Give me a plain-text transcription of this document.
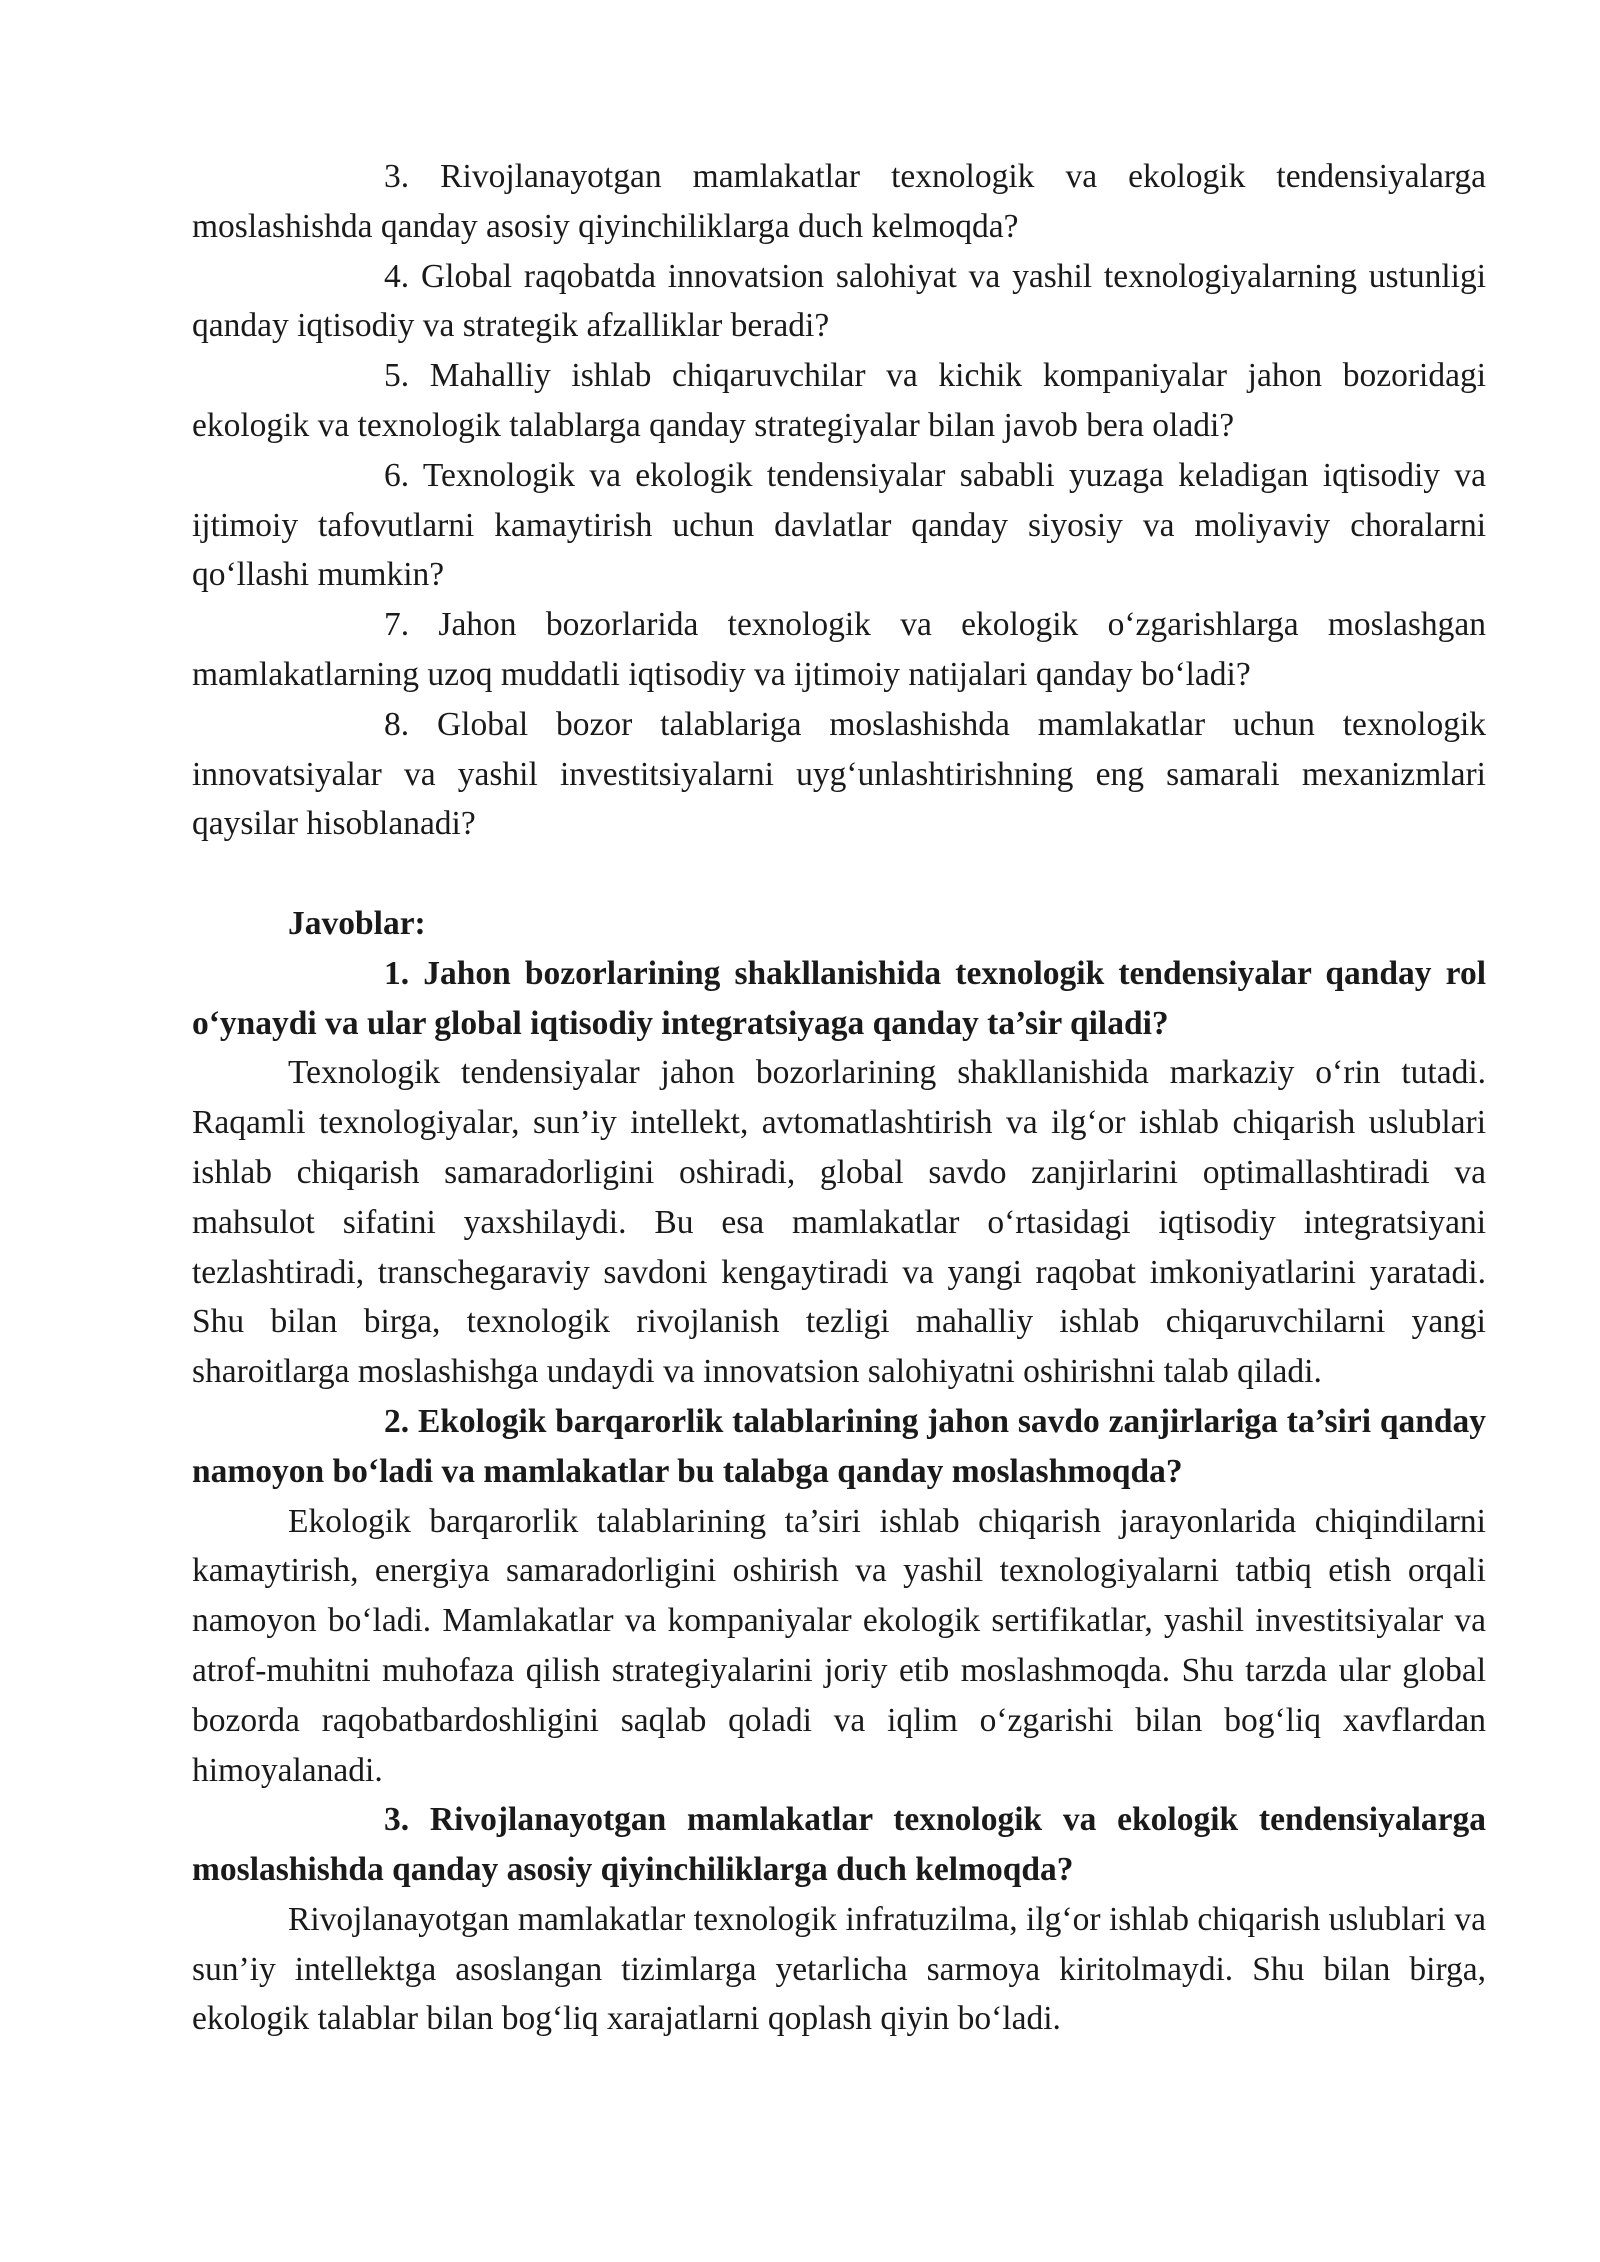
3. Rivojlanayotgan mamlakatlar texnologik va ekologik tendensiyalarga moslashishda qanday asosiy qiyinchiliklarga duch kelmoqda?

4. Global raqobatda innovatsion salohiyat va yashil texnologiyalarning ustunligi qanday iqtisodiy va strategik afzalliklar beradi?

5. Mahalliy ishlab chiqaruvchilar va kichik kompaniyalar jahon bozoridagi ekologik va texnologik talablarga qanday strategiyalar bilan javob bera oladi?

6. Texnologik va ekologik tendensiyalar sababli yuzaga keladigan iqtisodiy va ijtimoiy tafovutlarni kamaytirish uchun davlatlar qanday siyosiy va moliyaviy choralarni qo‘llashi mumkin?

7. Jahon bozorlarida texnologik va ekologik o‘zgarishlarga moslashgan mamlakatlarning uzoq muddatli iqtisodiy va ijtimoiy natijalari qanday bo‘ladi?

8. Global bozor talablariga moslashishda mamlakatlar uchun texnologik innovatsiyalar va yashil investitsiyalarni uyg‘unlashtirishning eng samarali mexanizmlari qaysilar hisoblanadi?

Javoblar:

1. Jahon bozorlarining shakllanishida texnologik tendensiyalar qanday rol o‘ynaydi va ular global iqtisodiy integratsiyaga qanday ta’sir qiladi?

Texnologik tendensiyalar jahon bozorlarining shakllanishida markaziy o‘rin tutadi. Raqamli texnologiyalar, sun’iy intellekt, avtomatlashtirish va ilg‘or ishlab chiqarish uslublari ishlab chiqarish samaradorligini oshiradi, global savdo zanjirlarini optimallashtiradi va mahsulot sifatini yaxshilaydi. Bu esa mamlakatlar o‘rtasidagi iqtisodiy integratsiyani tezlashtiradi, transchegaraviy savdoni kengaytiradi va yangi raqobat imkoniyatlarini yaratadi. Shu bilan birga, texnologik rivojlanish tezligi mahalliy ishlab chiqaruvchilarni yangi sharoitlarga moslashishga undaydi va innovatsion salohiyatni oshirishni talab qiladi.

2. Ekologik barqarorlik talablarining jahon savdo zanjirlariga ta’siri qanday namoyon bo‘ladi va mamlakatlar bu talabga qanday moslashmoqda?

Ekologik barqarorlik talablarining ta’siri ishlab chiqarish jarayonlarida chiqindilarni kamaytirish, energiya samaradorligini oshirish va yashil texnologiyalarni tatbiq etish orqali namoyon bo‘ladi. Mamlakatlar va kompaniyalar ekologik sertifikatlar, yashil investitsiyalar va atrof-muhitni muhofaza qilish strategiyalarini joriy etib moslashmoqda. Shu tarzda ular global bozorda raqobatbardoshligini saqlab qoladi va iqlim o‘zgarishi bilan bog‘liq xavflardan himoyalanadi.

3. Rivojlanayotgan mamlakatlar texnologik va ekologik tendensiyalarga moslashishda qanday asosiy qiyinchiliklarga duch kelmoqda?

Rivojlanayotgan mamlakatlar texnologik infratuzilma, ilg‘or ishlab chiqarish uslublari va sun’iy intellektga asoslangan tizimlarga yetarlicha sarmoya kiritolmaydi. Shu bilan birga, ekologik talablar bilan bog‘liq xarajatlarni qoplash qiyin bo‘ladi.
